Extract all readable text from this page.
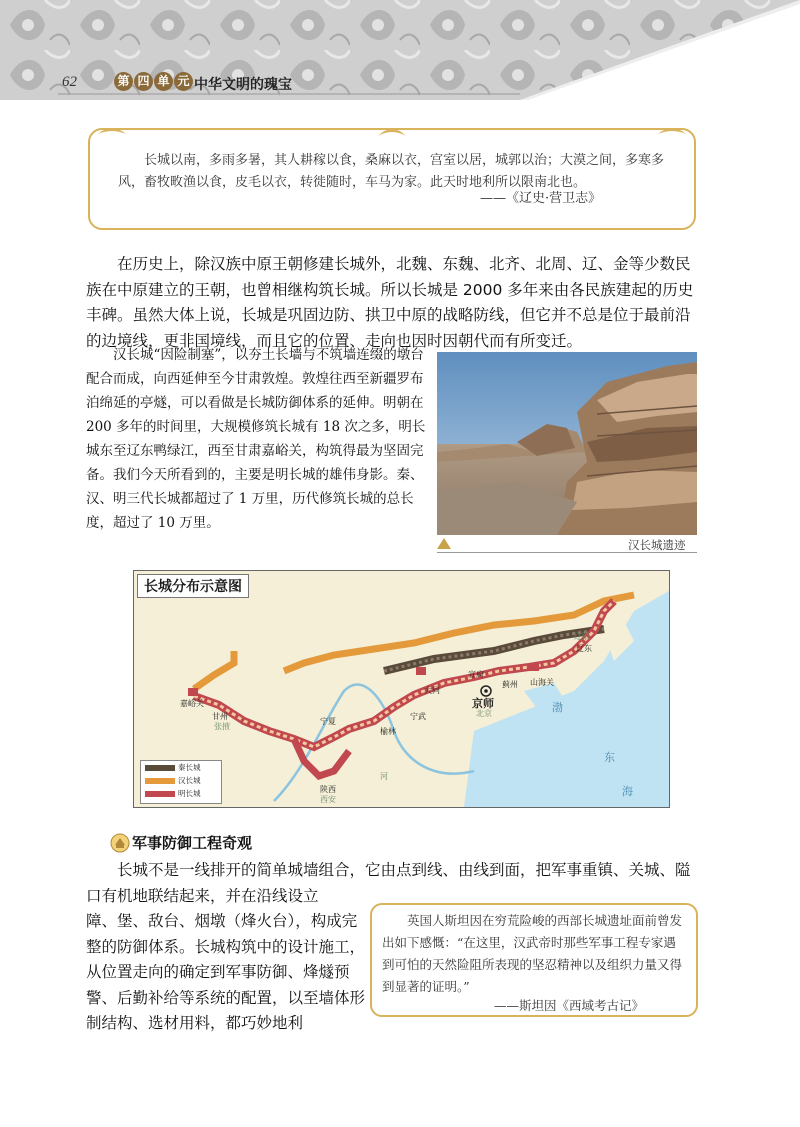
62	第 四 单 元 中华文明的瑰宝
长城以南，多雨多暑，其人耕稼以食，桑麻以衣，宫室以居，城郭以治；大漠之间，多寒多风，畜牧畋渔以食，皮毛以衣，转徙随时，车马为家。此天时地利所以限南北也。
——《辽史·营卫志》
在历史上，除汉族中原王朝修建长城外，北魏、东魏、北齐、北周、辽、金等少数民族在中原建立的王朝，也曾相继构筑长城。所以长城是 2000 多年来由各民族建起的历史丰碑。虽然大体上说，长城是巩固边防、拱卫中原的战略防线，但它并不总是位于最前沿的边境线，更非国境线，而且它的位置、走向也因时因朝代而有所变迁。
汉长城“因险制塞”，以夯土长墙与不筑墙连缀的墩台配合而成，向西延伸至今甘肃敦煌。敦煌往西至新疆罗布泊绵延的亭燧，可以看做是长城防御体系的延伸。明朝在 200 多年的时间里，大规模修筑长城有 18 次之多，明长城东至辽东鸭绿江，西至甘肃嘉峪关，构筑得最为坚固完备。我们今天所看到的，主要是明长城的雄伟身影。秦、汉、明三代长城都超过了 1 万里，历代修筑长城的总长度，超过了 10 万里。
汉长城遗迹
嘉峪关
甘州
张掖
宁夏
宁武
榆林
陕西
西安
宣府
大同
蓟州 山海关
京师
北京
辽东
辽阳
河
渤
东
海
长城分布示意图
秦长城
汉长城
明长城
军事防御工程奇观
长城不是一线排开的简单城墙组合，它由点到线、由线到面，把军事重镇、关城、隘口有机地联结起来，并在沿线设立
障、堡、敌台、烟墩（烽火台），构成完整的防御体系。长城构筑中的设计施工，从位置走向的确定到军事防御、烽燧预警、后勤补给等系统的配置，以至墙体形制结构、选材用料，都巧妙地利
英国人斯坦因在穷荒险峻的西部长城遗址面前曾发出如下感慨：“在这里，汉武帝时那些军事工程专家遇到可怕的天然险阻所表现的坚忍精神以及组织力量又得到显著的证明。”
——斯坦因《西域考古记》
